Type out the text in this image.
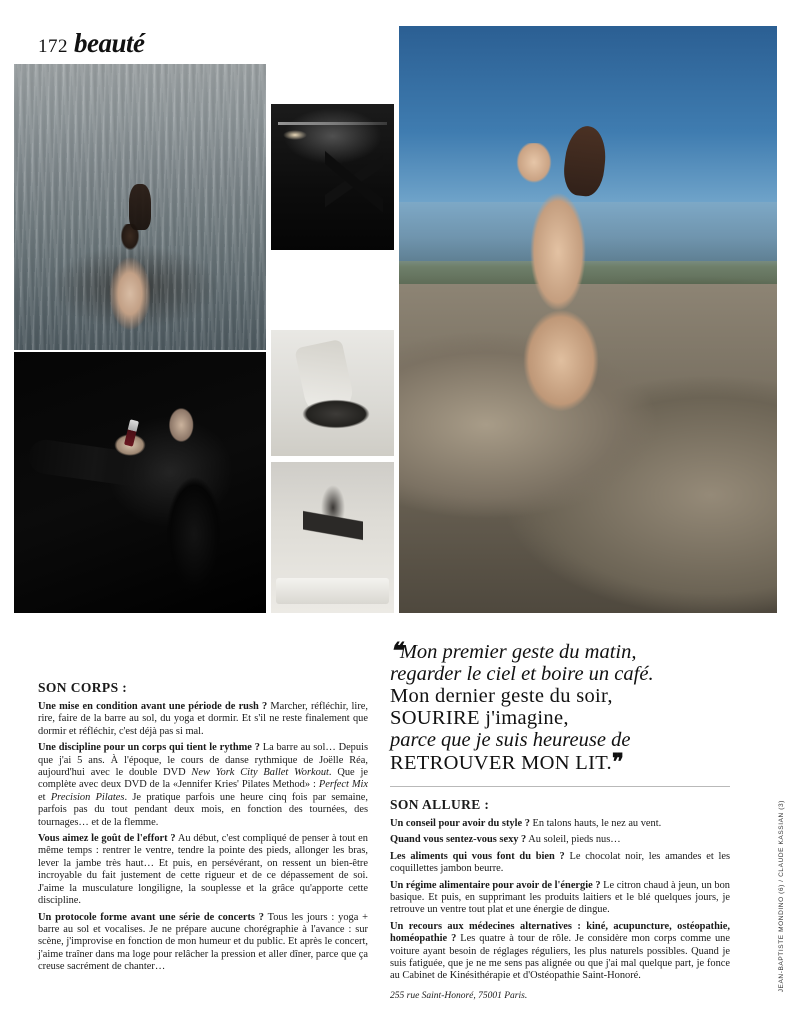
172 beauté
JEAN-BAPTISTE MONDINO (6) / CLAUDE KASSIAN (3)
SON CORPS :

Une mise en condition avant une période de rush ? Marcher, réfléchir, lire, rire, faire de la barre au sol, du yoga et dormir. Et s'il ne reste finalement que dormir et réfléchir, c'est déjà pas si mal.

Une discipline pour un corps qui tient le rythme ? La barre au sol… Depuis que j'ai 5 ans. À l'époque, le cours de danse rythmique de Joëlle Réa, aujourd'hui avec le double DVD New York City Ballet Workout. Que je complète avec deux DVD de la «Jennifer Kries' Pilates Method» : Perfect Mix et Precision Pilates. Je pratique parfois une heure cinq fois par semaine, parfois pas du tout pendant deux mois, en fonction des tournées, des tournages… et de la flemme.

Vous aimez le goût de l'effort ? Au début, c'est compliqué de penser à tout en même temps : rentrer le ventre, tendre la pointe des pieds, allonger les bras, lever la jambe très haut… Et puis, en persévérant, on ressent un bien-être incroyable du fait justement de cette rigueur et de ce dépassement de soi. J'aime la musculature longiligne, la souplesse et la grâce qu'apporte cette discipline.

Un protocole forme avant une série de concerts ? Tous les jours : yoga + barre au sol et vocalises. Je ne prépare aucune chorégraphie à l'avance : sur scène, j'improvise en fonction de mon humeur et du public. Et après le concert, j'aime traîner dans ma loge pour relâcher la pression et aller dîner, parce que ça creuse sacrément de chanter…

❝Mon premier geste du matin,
regarder le ciel et boire un café.
Mon dernier geste du soir,
SOURIRE j'imagine,
parce que je suis heureuse de
RETROUVER MON LIT.❞
SON ALLURE :

Un conseil pour avoir du style ? En talons hauts, le nez au vent.

Quand vous sentez-vous sexy ? Au soleil, pieds nus…

Les aliments qui vous font du bien ? Le chocolat noir, les amandes et les coquillettes jambon beurre.

Un régime alimentaire pour avoir de l'énergie ? Le citron chaud à jeun, un bon basique. Et puis, en supprimant les produits laitiers et le blé quelques jours, je retrouve un ventre tout plat et une énergie de dingue.

Un recours aux médecines alternatives : kiné, acupuncture, ostéopathie, homéopathie ? Les quatre à tour de rôle. Je considère mon corps comme une voiture ayant besoin de réglages réguliers, les plus naturels possibles. Quand je suis fatiguée, que je ne me sens pas alignée ou que j'ai mal quelque part, je fonce au Cabinet de Kinésithérapie et d'Ostéopathie Saint-Honoré.

255 rue Saint-Honoré, 75001 Paris.
